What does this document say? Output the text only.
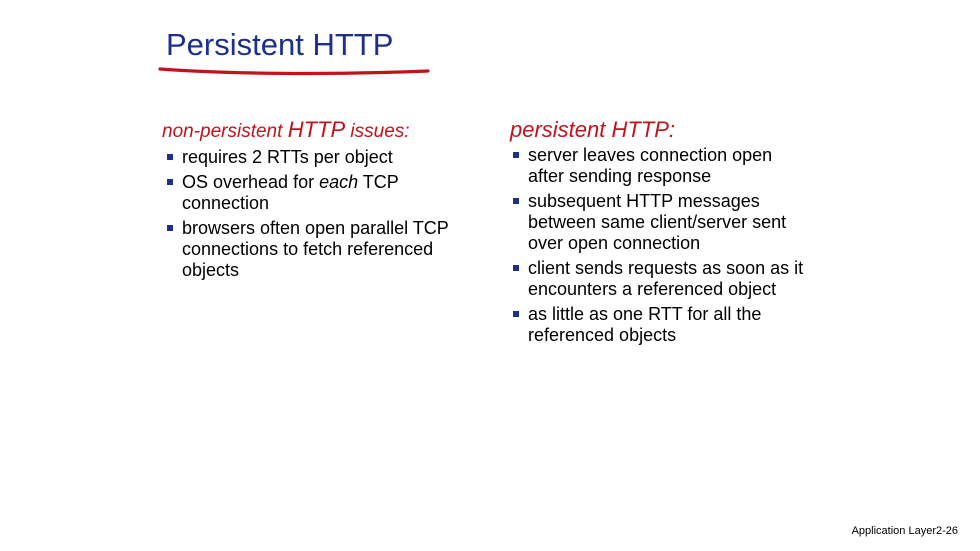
Persistent HTTP
non-persistent HTTP issues:
requires 2 RTTs per object
OS overhead for each TCP connection
browsers often open parallel TCP connections to fetch referenced objects
persistent HTTP:
server leaves connection open after sending response
subsequent HTTP messages between same client/server sent over open connection
client sends requests as soon as it encounters a referenced object
as little as one RTT for all the referenced objects
Application Layer2-26
